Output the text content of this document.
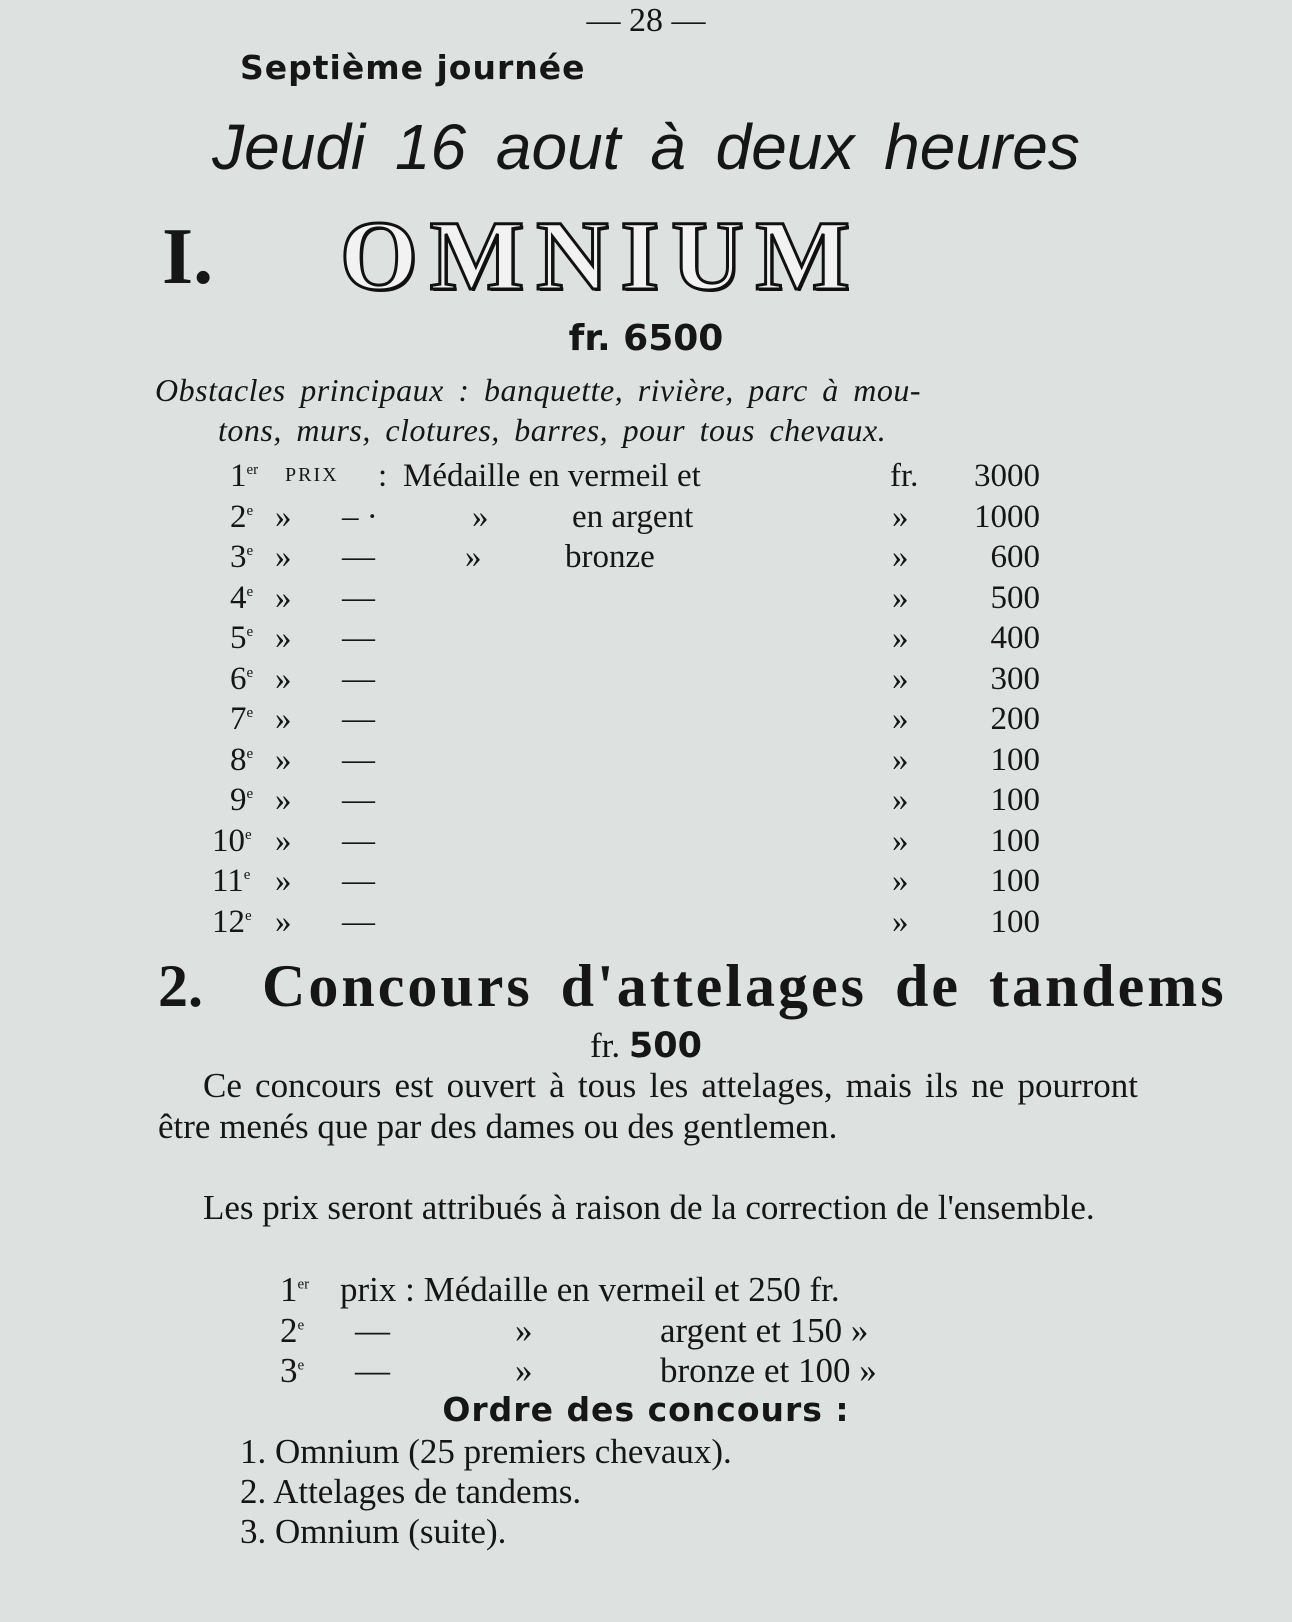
— 28 —
Septième journée
Jeudi 16 aout à deux heures
I. OMNIUM
fr. 6500
Obstacles principaux : banquette, rivière, parc à mou-
tons, murs, clotures, barres, pour tous chevaux.
1er PRIX : Médaille en vermeil et	fr. 3000
2e » – ·	»	en argent	» 1000
3e » ––	»	bronze	» 600
4e » —	» 500
5e » —	» 400
6e » —	» 300
7e » —	» 200
8e » —	» 100
9e » —	» 100
10e » —	» 100
11e » —	» 100
12e » —	» 100
2. Concours d'attelages de tandems
fr. 500
Ce concours est ouvert à tous les attelages, mais ils ne pourront être menés que par des dames ou des gentlemen.
Les prix seront attribués à raison de la correction de l'ensemble.
1er prix : Médaille en vermeil et 250 fr.
2e —	»	argent et 150 »
3e —	»	bronze et 100 »
Ordre des concours :
1. Omnium (25 premiers chevaux).
2. Attelages de tandems.
3. Omnium (suite).
